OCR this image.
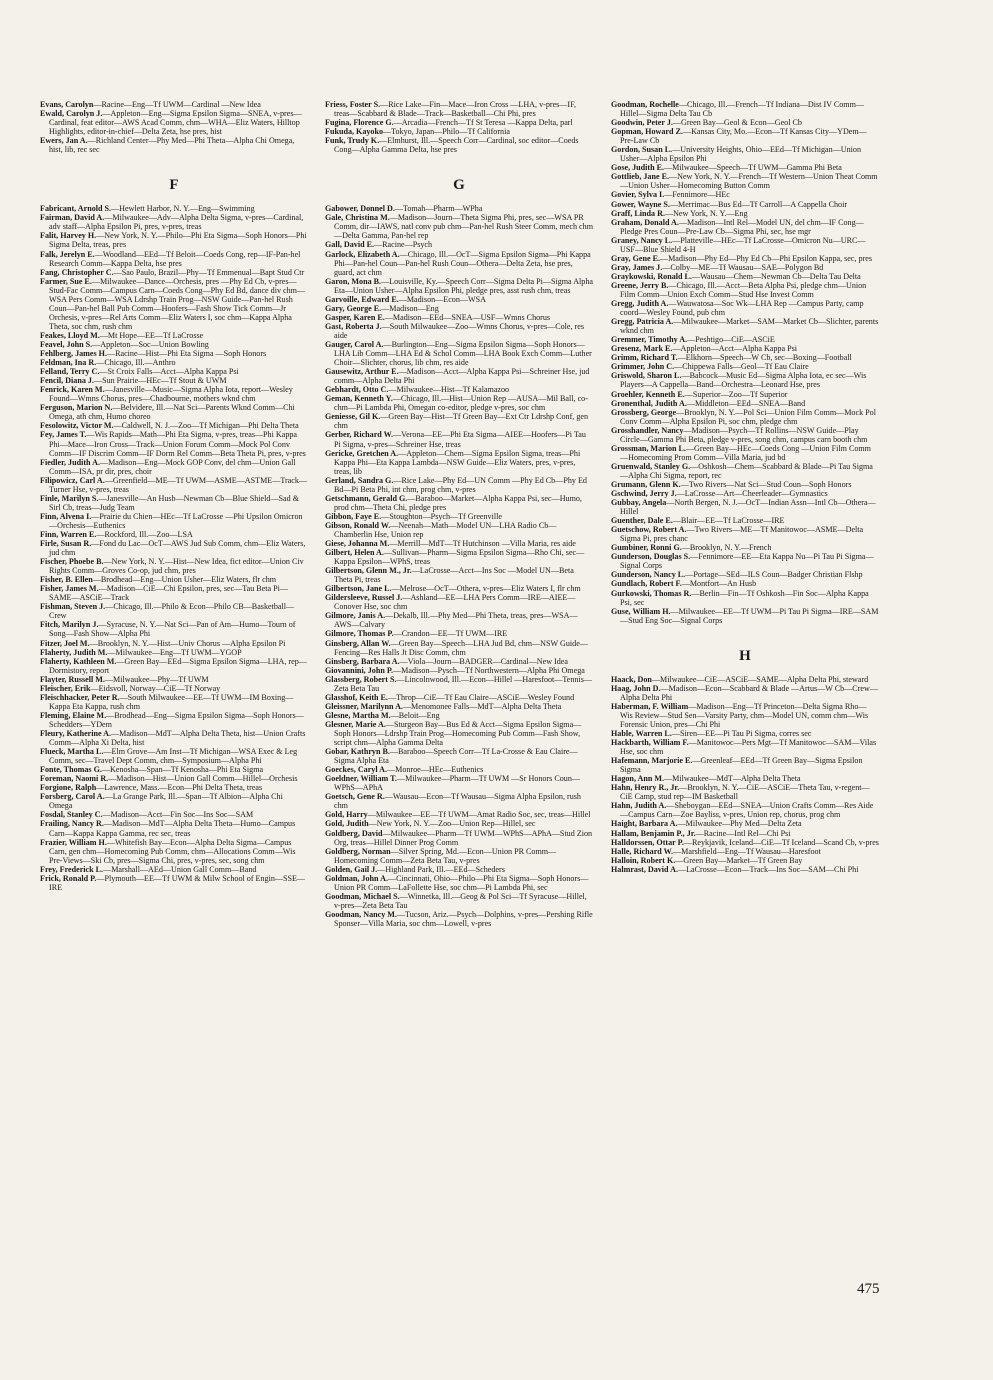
Evans, Carolyn—Racine—Eng—Tf UWM—Cardinal —New Idea

Ewald, Carolyn J.—Appleton—Eng—Sigma Epsilon Sigma—SNEA, v-pres—Cardinal, feat editor—AWS Acad Comm, chm—WHA—Eliz Waters, Hilltop Highlights, editor-in-chief—Delta Zeta, hse pres, hist

Ewers, Jan A.—Richland Center—Phy Med—Phi Theta—Alpha Chi Omega, hist, lib, rec sec

F

Fabricant, Arnold S.—Hewlett Harbor, N. Y.—Eng—Swimming

Fairman, David A.—Milwaukee—Adv—Alpha Delta Sigma, v-pres—Cardinal, adv staff—Alpha Epsilon Pi, pres, v-pres, treas

Falit, Harvey H.—New York, N. Y.—Philo—Phi Eta Sigma—Soph Honors—Phi Sigma Delta, treas, pres

Falk, Jerelyn E.—Woodland—EEd—Tf Beloit—Coeds Cong, rep—IF-Pan-hel Research Comm—Kappa Delta, hse pres

Fang, Christopher C.—Sao Paulo, Brazil—Phy—Tf Emmenual—Bapt Stud Ctr

Farmer, Sue E.—Milwaukee—Dance—Orchesis, pres —Phy Ed Cb, v-pres—Stud-Fac Comm—Campus Carn—Coeds Cong—Phy Ed Bd, dance div chm—WSA Pers Comm—WSA Ldrshp Train Prog—NSW Guide—Pan-hel Rush Coun—Pan-hel Ball Pub Comm—Hoofers—Fash Show Tick Comm—Jr Orchesis, v-pres—Rel Arts Comm—Eliz Waters I, soc chm—Kappa Alpha Theta, soc chm, rush chm

Feakes, Lloyd M.—Mt Hope—EE—Tf LaCrosse

Feavel, John S.—Appleton—Soc—Union Bowling

Fehlberg, James H.—Racine—Hist—Phi Eta Sigma —Soph Honors

Feldman, Ina R.—Chicago, Ill.—Anthro

Felland, Terry C.—St Croix Falls—Acct—Alpha Kappa Psi

Fencil, Diana J.—Sun Prairie—HEc—Tf Stout & UWM

Fenrick, Karen M.—Janesville—Music—Sigma Alpha Iota, report—Wesley Found—Wmns Chorus, pres—Chadbourne, mothers wknd chm

Ferguson, Marion N.—Belvidere, Ill.—Nat Sci—Parents Wknd Comm—Chi Omega, ath chm, Humo choreo

Fesolowitz, Victor M.—Caldwell, N. J.—Zoo—Tf Michigan—Phi Delta Theta

Fey, James T.—Wis Rapids—Math—Phi Eta Sigma, v-pres, treas—Phi Kappa Phi—Mace—Iron Cross—Track—Union Forum Comm—Mock Pol Conv Comm—IF Discrim Comm—IF Dorm Rel Comm—Beta Theta Pi, pres, v-pres

Fiedler, Judith A.—Madison—Eng—Mock GOP Conv, del chm—Union Gall Comm—ISA, pr dir, pres, choir

Filipowicz, Carl A.—Greenfield—ME—Tf UWM—ASME—ASTME—Track—Turner Hse, v-pres, treas

Finle, Marilyn S.—Janesville—An Husb—Newman Cb—Blue Shield—Sad & Sirl Cb, treas—Judg Team

Finn, Alvena I.—Prairie du Chien—HEc—Tf LaCrosse —Phi Upsilon Omicron—Orchesis—Euthenics

Finn, Warren E.—Rockford, Ill.—Zoo—LSA

Firle, Susan R.—Fond du Lac—OcT—AWS Jud Sub Comm, chm—Eliz Waters, jud chm

Fischer, Phoebe B.—New York, N. Y.—Hist—New Idea, fict editor—Union Civ Rights Comm—Groves Co-op, jud chm, pres

Fisher, B. Ellen—Brodhead—Eng—Union Usher—Eliz Waters, flr chm

Fisher, James M.—Madison—CiE—Chi Epsilon, pres, sec—Tau Beta Pi—SAME—ASCiE—Track

Fishman, Steven J.—Chicago, Ill.—Philo & Econ—Philo CB—Basketball—Crew

Fitch, Marilyn J.—Syracuse, N. Y.—Nat Sci—Pan of Am—Humo—Tourn of Song—Fash Show—Alpha Phi

Fitzer, Joel M.—Brooklyn, N. Y.—Hist—Univ Chorus —Alpha Epsilon Pi

Flaherty, Judith M.—Milwaukee—Eng—Tf UWM—YGOP

Flaherty, Kathleen M.—Green Bay—EEd—Sigma Epsilon Sigma—LHA, rep—Dormistory, report

Flayter, Russell M.—Milwaukee—Phy—Tf UWM

Fleischer, Erik—Eidsvoll, Norway—CiE—Tf Norway

Fleischhacker, Peter R.—South Milwaukee—EE—Tf UWM—IM Boxing—Kappa Eta Kappa, rush chm

Fleming, Elaine M.—Brodhead—Eng—Sigma Epsilon Sigma—Soph Honors—Schedders—YDem

Fleury, Katherine A.—Madison—MdT—Alpha Delta Theta, hist—Union Crafts Comm—Alpha Xi Delta, hist

Flueck, Martha L.—Elm Grove—Am Inst—Tf Michigan—WSA Exec & Leg Comm, sec—Travel Dept Comm, chm—Symposium—Alpha Phi

Fonte, Thomas G.—Kenosha—Span—Tf Kenosha—Phi Eta Sigma

Foreman, Naomi R.—Madison—Hist—Union Gall Comm—Hillel—Orchesis

Forgione, Ralph—Lawrence, Mass.—Econ—Phi Delta Theta, treas

Forsberg, Carol A.—La Grange Park, Ill.—Span—Tf Albion—Alpha Chi Omega

Fosdal, Stanley C.—Madison—Acct—Fin Soc—Ins Soc—SAM

Frailing, Nancy R.—Madison—MdT—Alpha Delta Theta—Humo—Campus Carn—Kappa Kappa Gamma, rec sec, treas

Frazier, William H.—Whitefish Bay—Econ—Alpha Delta Sigma—Campus Carn, gen chm—Homecoming Pub Comm, chm—Allocations Comm—Wis Pre-Views—Ski Cb, pres—Sigma Chi, pres, v-pres, sec, song chm

Frey, Frederick L.—Marshall—AEd—Union Gall Comm—Band

Frick, Ronald P.—Plymouth—EE—Tf UWM & Milw School of Engin—SSE—IRE

Friess, Foster S.—Rice Lake—Fin—Mace—Iron Cross —LHA, v-pres—IF, treas—Scabbard & Blade—Track—Basketball—Chi Phi, pres

Fugina, Florence G.—Arcadia—French—Tf St Teresa —Kappa Delta, parl

Fukuda, Kayoko—Tokyo, Japan—Philo—Tf California

Funk, Trudy K.—Elmhurst, Ill.—Speech Corr—Cardinal, soc editor—Coeds Cong—Alpha Gamma Delta, hse pres

G

Gabower, Donnel D.—Tomah—Pharm—WPha

Gale, Christina M.—Madison—Journ—Theta Sigma Phi, pres, sec—WSA PR Comm, dir—IAWS, natl conv pub chm—Pan-hel Rush Steer Comm, mech chm—Delta Gamma, Pan-hel rep

Gall, David E.—Racine—Psych

Garlock, Elizabeth A.—Chicago, Ill.—OcT—Sigma Epsilon Sigma—Phi Kappa Phi—Pan-hel Coun—Pan-hel Rush Coun—Othera—Delta Zeta, hse pres, guard, act chm

Garon, Mona B.—Louisville, Ky.—Speech Corr—Sigma Delta Pi—Sigma Alpha Eta—Union Usher—Alpha Epsilon Phi, pledge pres, asst rush chm, treas

Garvoille, Edward E.—Madison—Econ—WSA

Gary, George E.—Madison—Eng

Gasper, Karen E.—Madison—EEd—SNEA—USF—Wmns Chorus

Gast, Roberta J.—South Milwaukee—Zoo—Wmns Chorus, v-pres—Cole, res aide

Gauger, Carol A.—Burlington—Eng—Sigma Epsilon Sigma—Soph Honors—LHA Lib Comm—LHA Ed & Schol Comm—LHA Book Exch Comm—Luther Choir—Slichter, chorus, lib chm, res aide

Gausewitz, Arthur E.—Madison—Acct—Alpha Kappa Psi—Schreiner Hse, jud comm—Alpha Delta Phi

Gebhardt, Otto C.—Milwaukee—Hist—Tf Kalamazoo

Geman, Kenneth Y.—Chicago, Ill.—Hist—Union Rep —AUSA—Mil Ball, co-chm—Pi Lambda Phi, Omegan co-editor, pledge v-pres, soc chm

Geniesse, Gil K.—Green Bay—Hist—Tf Green Bay—Ext Ctr Ldrshp Conf, gen chm

Gerber, Richard W.—Verona—EE—Phi Eta Sigma—AIEE—Hoofers—Pi Tau Pi Sigma, v-pres—Schreiner Hse, treas

Gericke, Gretchen A.—Appleton—Chem—Sigma Epsilon Sigma, treas—Phi Kappa Phi—Eta Kappa Lambda—NSW Guide—Eliz Waters, pres, v-pres, treas, lib

Gerland, Sandra G.—Rice Lake—Phy Ed—UN Comm —Phy Ed Cb—Phy Ed Bd—Pi Beta Phi, int chm, prog chm, v-pres

Getschmann, Gerald G.—Baraboo—Market—Alpha Kappa Psi, sec—Humo, prod chm—Theta Chi, pledge pres

Gibbon, Faye E.—Stoughton—Psych—Tf Greenville

Gibson, Ronald W.—Neenah—Math—Model UN—LHA Radio Cb—Chamberlin Hse, Union rep

Giese, Johanna M.—Merrill—MdT—Tf Hutchinson —Villa Maria, res aide

Gilbert, Helen A.—Sullivan—Pharm—Sigma Epsilon Sigma—Rho Chi, sec—Kappa Epsilon—WPhS, treas

Gilbertson, Glenn M., Jr.—LaCrosse—Acct—Ins Soc —Model UN—Beta Theta Pi, treas

Gilbertson, Jane L.—Melrose—OcT—Othera, v-pres—Eliz Waters I, flr chm

Gildersleeve, Russel J.—Ashland—EE—LHA Pers Comm—IRE—AIEE—Conover Hse, soc chm

Gilmore, Janis A.—Dekalb, Ill.—Phy Med—Phi Theta, treas, pres—WSA—AWS—Calvary

Gilmore, Thomas P.—Crandon—EE—Tf UWM—IRE

Ginsberg, Allan W.—Green Bay—Speech—LHA Jud Bd, chm—NSW Guide—Fencing—Res Halls Jt Disc Comm, chm

Ginsberg, Barbara A.—Viola—Journ—BADGER—Cardinal—New Idea

Giovannini, John P.—Madison—Pysch—Tf Northwestern—Alpha Phi Omega

Glassberg, Robert S.—Lincolnwood, Ill.—Econ—Hillel —Haresfoot—Tennis—Zeta Beta Tau

Glasshof, Keith E.—Throp—CiE—Tf Eau Claire—ASCiE—Wesley Found

Gleissner, Marilynn A.—Menomonee Falls—MdT—Alpha Delta Theta

Glesne, Martha M.—Beloit—Eng

Glesner, Marie A.—Sturgeon Bay—Bus Ed & Acct—Sigma Epsilon Sigma—Soph Honors—Ldrshp Train Prog—Homecoming Pub Comm—Fash Show, script chm—Alpha Gamma Delta

Gobar, Kathryn B.—Baraboo—Speech Corr—Tf La-Crosse & Eau Claire—Sigma Alpha Eta

Goeckes, Caryl A.—Monroe—HEc—Euthenics

Goeldner, William T.—Milwaukee—Pharm—Tf UWM —Sr Honors Coun—WPhS—APhA

Goetsch, Gene R.—Wausau—Econ—Tf Wausau—Sigma Alpha Epsilon, rush chm

Gold, Harry—Milwaukee—EE—Tf UWM—Amat Radio Soc, sec, treas—Hillel

Gold, Judith—New York, N. Y.—Zoo—Union Rep—Hillel, sec

Goldberg, David—Milwaukee—Pharm—Tf UWM—WPhS—APhA—Stud Zion Org, treas—Hillel Dinner Prog Comm

Goldberg, Norman—Silver Spring, Md.—Econ—Union PR Comm—Homecoming Comm—Zeta Beta Tau, v-pres

Golden, Gail J.—Highland Park, Ill.—EEd—Scheders

Goldman, John A.—Cincinnati, Ohio—Philo—Phi Eta Sigma—Soph Honors—Union PR Comm—LaFollette Hse, soc chm—Pi Lambda Phi, sec

Goodman, Michael S.—Winnetka, Ill.—Geog & Pol Sci—Tf Syracuse—Hillel, v-pres—Zeta Beta Tau

Goodman, Nancy M.—Tucson, Ariz.—Psych—Dolphins, v-pres—Pershing Rifle Sponser—Villa Maria, soc chm—Lowell, v-pres

Goodman, Rochelle—Chicago, Ill.—French—Tf Indiana—Dist IV Comm—Hillel—Sigma Delta Tau Cb

Goodwin, Peter J.—Green Bay—Geol & Econ—Geol Cb

Gopman, Howard Z.—Kansas City, Mo.—Econ—Tf Kansas City—YDem—Pre-Law Cb

Gordon, Susan L.—University Heights, Ohio—EEd—Tf Michigan—Union Usher—Alpha Epsilon Phi

Gose, Judith E.—Milwaukee—Speech—Tf UWM—Gamma Phi Beta

Gottlieb, Jane E.—New York, N. Y.—French—Tf Western—Union Theat Comm—Union Usher—Homecoming Button Comm

Govier, Sylva I.—Fennimore—HEc

Gower, Wayne S.—Merrimac—Bus Ed—Tf Carroll—A Cappella Choir

Graff, Linda R.—New York, N. Y.—Eng

Graham, Donald A.—Madison—Intl Rel—Model UN, del chm—IF Cong—Pledge Pres Coun—Pre-Law Cb—Sigma Phi, sec, hse mgr

Graney, Nancy L.—Platteville—HEc—Tf LaCrosse—Omicron Nu—URC—USF—Blue Shield 4-H

Gray, Gene E.—Madison—Phy Ed—Phy Ed Cb—Phi Epsilon Kappa, sec, pres

Gray, James J.—Colby—ME—Tf Wausau—SAE—Polygon Bd

Graykowski, Ronald L.—Wausau—Chem—Newman Cb—Delta Tau Delta

Greene, Jerry B.—Chicago, Ill.—Acct—Beta Alpha Psi, pledge chm—Union Film Comm—Union Exch Comm—Stud Hse Invest Comm

Gregg, Judith A.—Wauwatosa—Soc Wk—LHA Rep —Campus Party, camp coord—Wesley Found, pub chm

Gregg, Patricia A.—Milwaukee—Market—SAM—Market Cb—Slichter, parents wknd chm

Gremmer, Timothy A.—Peshtigo—CiE—ASCiE

Gresenz, Mark E.—Appleton—Acct—Alpha Kappa Psi

Grimm, Richard T.—Elkhorn—Speech—W Cb, sec—Boxing—Football

Grimmer, John C.—Chippewa Falls—Geol—Tf Eau Claire

Griswold, Sharon L.—Babcock—Music Ed—Sigma Alpha Iota, ec sec—Wis Players—A Cappella—Band—Orchestra—Leonard Hse, pres

Groehler, Kenneth E.—Superior—Zoo—Tf Superior

Gronenthal, Judith A.—Middleton—EEd—SNEA—Band

Grossberg, George—Brooklyn, N. Y.—Pol Sci—Union Film Comm—Mock Pol Conv Comm—Alpha Epsilon Pi, soc chm, pledge chm

Grosshandler, Nancy—Madison—Psych—Tf Rollins—NSW Guide—Play Circle—Gamma Phi Beta, pledge v-pres, song chm, campus carn booth chm

Grossman, Marion L.—Green Bay—HEc—Coeds Cong —Union Film Comm—Homecoming Prom Comm—Villa Maria, jud bd

Gruenwald, Stanley G.—Oshkosh—Chem—Scabbard & Blade—Pi Tau Sigma—Alpha Chi Sigma, report, rec

Grumann, Glenn K.—Two Rivers—Nat Sci—Stud Coun—Soph Honors

Gschwind, Jerry J.—LaCrosse—Art—Cheerleader—Gymnastics

Gubbay, Angela—North Bergen, N. J.—OcT—Indian Assn—Intl Cb—Othera—Hillel

Guenther, Dale E.—Blair—EE—Tf LaCrosse—IRE

Guetschow, Robert A.—Two Rivers—ME—Tf Manitowoc—ASME—Delta Sigma Pi, pres chanc

Gumbiner, Ronni G.—Brooklyn, N. Y.—French

Gunderson, Douglas S.—Fennimore—EE—Eta Kappa Nu—Pi Tau Pi Sigma—Signal Corps

Gunderson, Nancy L.—Portage—SEd—ILS Coun—Badger Christian Flshp

Gundlach, Robert F.—Montfort—An Husb

Gurkowski, Thomas R.—Berlin—Fin—Tf Oshkosh—Fin Soc—Alpha Kappa Psi, sec

Guse, William H.—Milwaukee—EE—Tf UWM—Pi Tau Pi Sigma—IRE—SAM—Stud Eng Soc—Signal Corps

H

Haack, Don—Milwaukee—CiE—ASCiE—SAME—Alpha Delta Phi, steward

Haag, John D.—Madison—Econ—Scabbard & Blade —Artus—W Cb—Crew—Alpha Delta Phi

Haberman, F. William—Madison—Eng—Tf Princeton—Delta Sigma Rho—Wis Review—Stud Sen—Varsity Party, chm—Model UN, comm chm—Wis Forensic Union, pres—Chi Phi

Hable, Warren L.—Siren—EE—Pi Tau Pi Sigma, corres sec

Hackbarth, William F.—Manitowoc—Pers Mgt—Tf Manitowoc—SAM—Vilas Hse, soc chm

Hafemann, Marjorie E.—Greenleaf—EEd—Tf Green Bay—Sigma Epsilon Sigma

Hagon, Ann M.—Milwaukee—MdT—Alpha Delta Theta

Hahn, Henry R., Jr.—Brooklyn, N. Y.—CiE—ASCiE—Theta Tau, v-regent—CiE Camp, stud rep—IM Basketball

Hahn, Judith A.—Sheboygan—EEd—SNEA—Union Crafts Comm—Res Aide—Campus Carn—Zoe Bayliss, v-pres, Union rep, chorus, prog chm

Haight, Barbara A.—Milwaukee—Phy Med—Delta Zeta

Hallam, Benjamin P., Jr.—Racine—Intl Rel—Chi Psi

Halldorssen, Ottar P.—Reykjavik, Iceland—CiE—Tf Iceland—Scand Cb, v-pres

Halle, Richard W.—Marshfield—Eng—Tf Wausau—Haresfoot

Halloin, Robert K.—Green Bay—Market—Tf Green Bay

Halmrast, David A.—LaCrosse—Econ—Track—Ins Soc—SAM—Chi Phi

475
